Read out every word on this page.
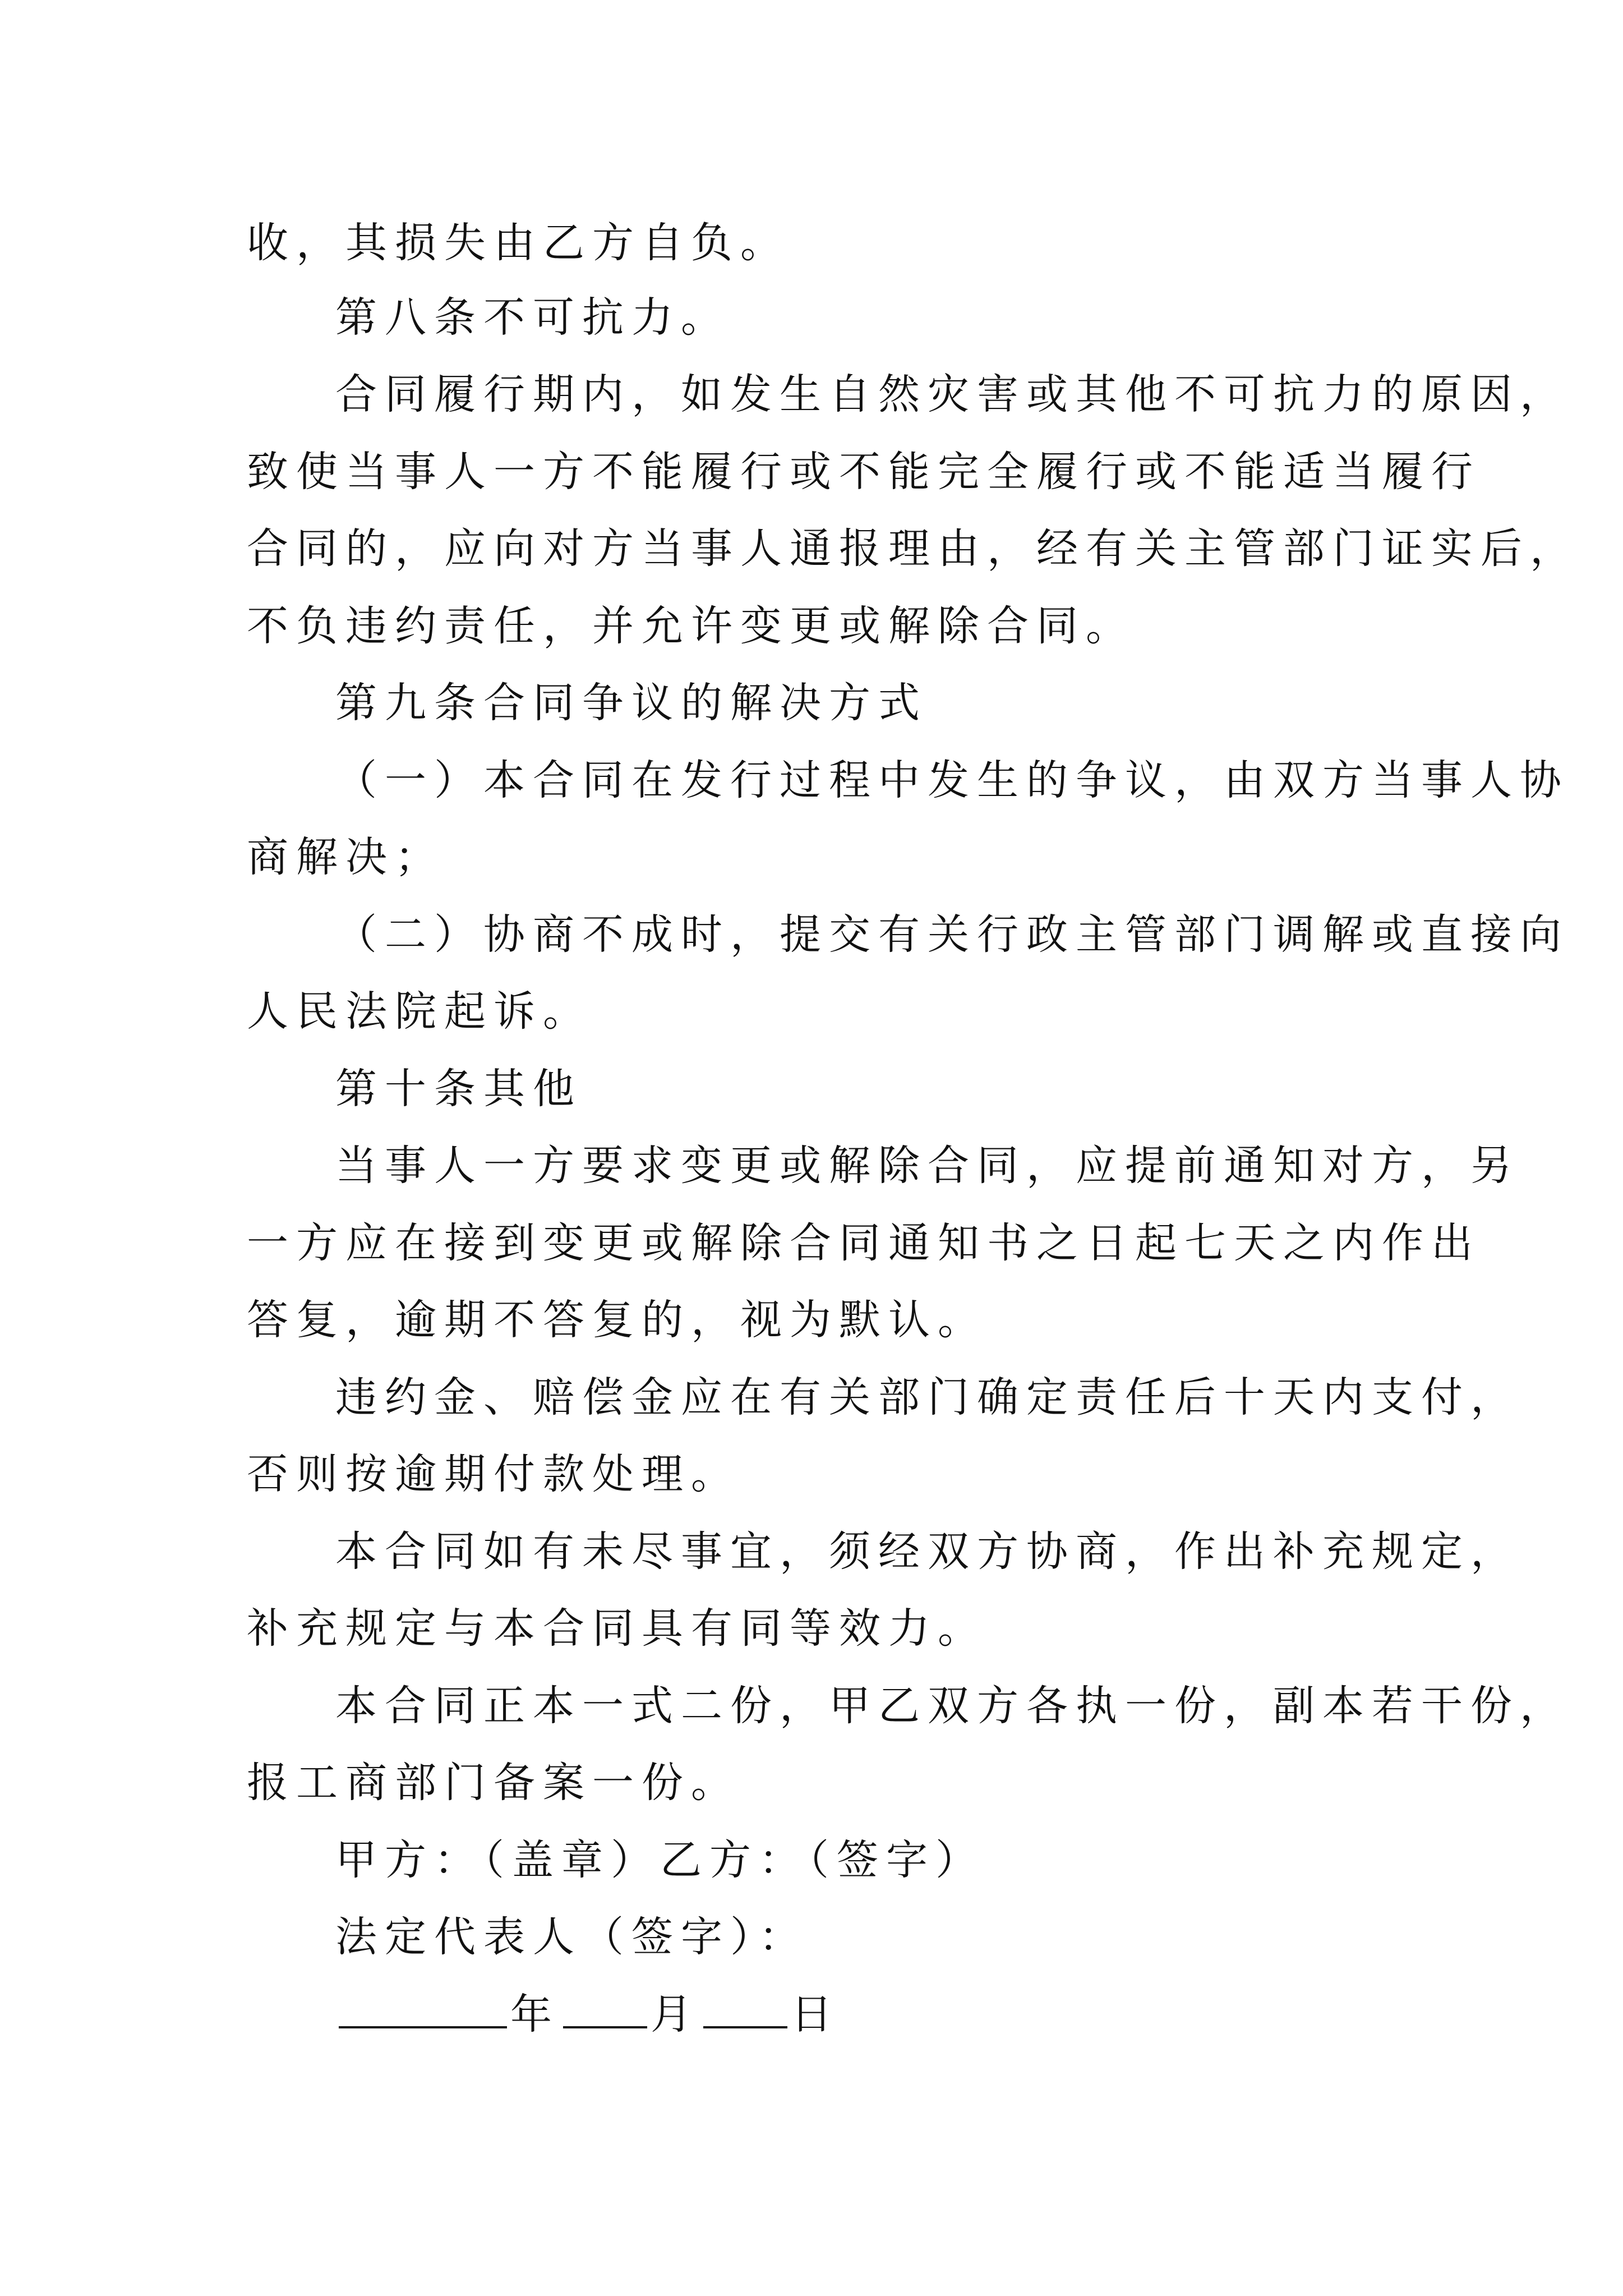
收，其损失由乙方自负。
第八条不可抗力。
合同履行期内，如发生自然灾害或其他不可抗力的原因，
致使当事人一方不能履行或不能完全履行或不能适当履行
合同的，应向对方当事人通报理由，经有关主管部门证实后，
不负违约责任，并允许变更或解除合同。
第九条合同争议的解决方式
（一）本合同在发行过程中发生的争议，由双方当事人协
商解决；
（二）协商不成时，提交有关行政主管部门调解或直接向
人民法院起诉。
第十条其他
当事人一方要求变更或解除合同，应提前通知对方，另
一方应在接到变更或解除合同通知书之日起七天之内作出
答复，逾期不答复的，视为默认。
违约金、赔偿金应在有关部门确定责任后十天内支付，
否则按逾期付款处理。
本合同如有未尽事宜，须经双方协商，作出补充规定，
补充规定与本合同具有同等效力。
本合同正本一式二份，甲乙双方各执一份，副本若干份，
报工商部门备案一份。
甲方：（盖章）乙方：（签字）
法定代表人（签字）：
年 月 日
